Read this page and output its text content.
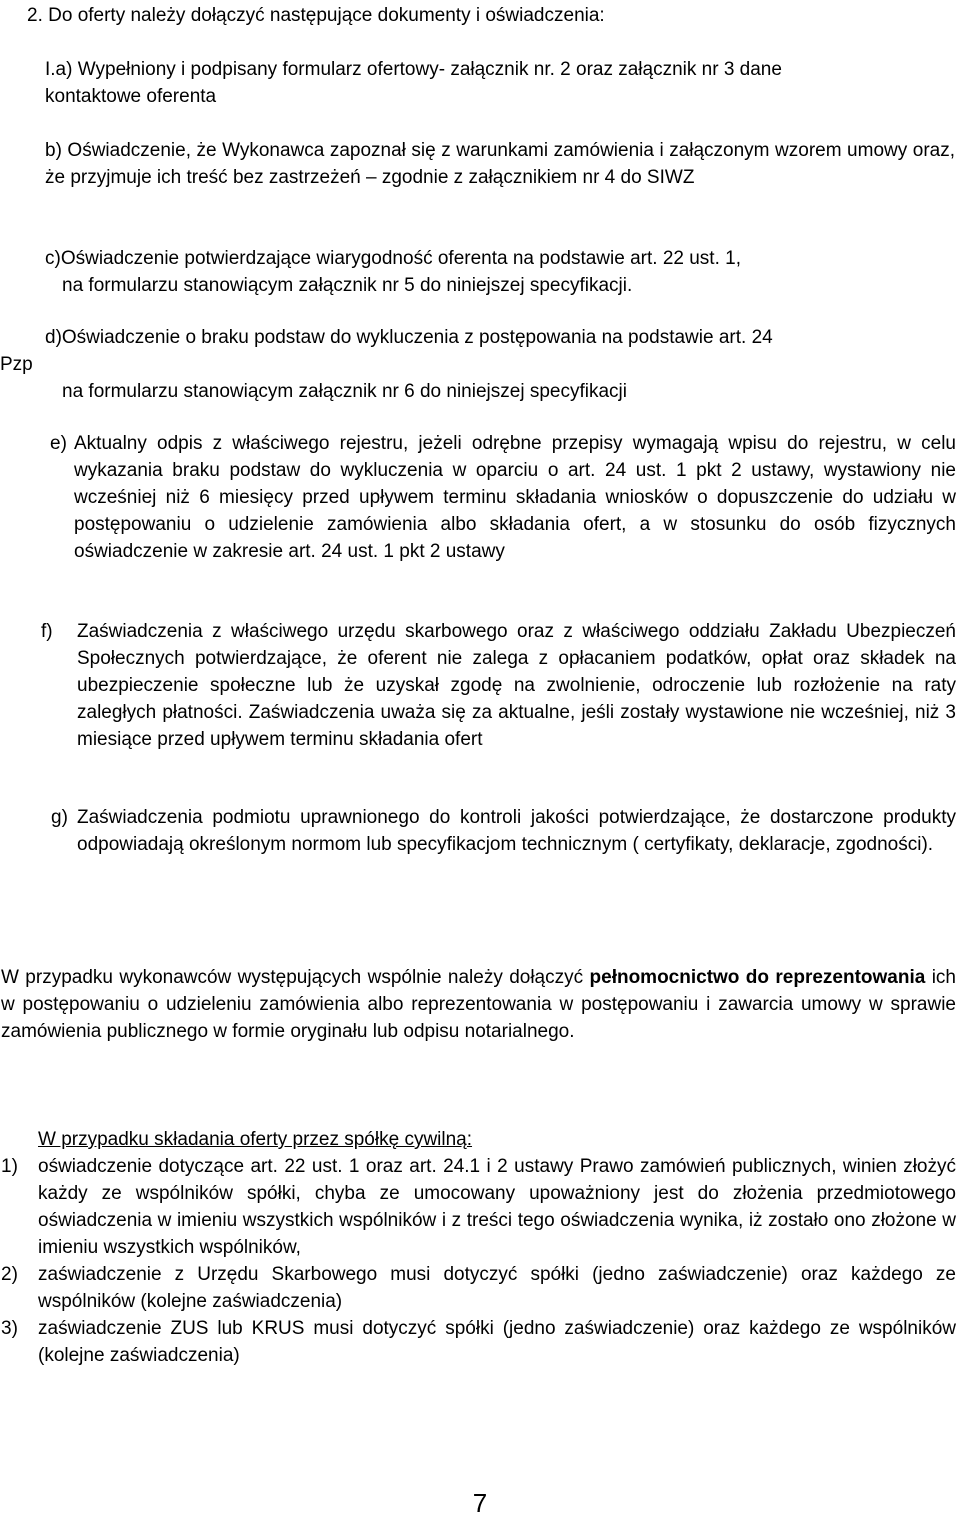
2. Do oferty należy dołączyć następujące dokumenty i oświadczenia:

I.a) Wypełniony i podpisany formularz ofertowy- załącznik nr. 2 oraz załącznik nr 3 dane
kontaktowe oferenta

b) Oświadczenie, że Wykonawca zapoznał się z warunkami zamówienia i załączonym wzorem umowy oraz, że przyjmuje ich treść bez zastrzeżeń – zgodnie z załącznikiem nr 4 do SIWZ

c)Oświadczenie potwierdzające wiarygodność oferenta na podstawie art. 22 ust. 1,
na formularzu stanowiącym załącznik nr 5 do niniejszej specyfikacji.

d)Oświadczenie o braku podstaw do wykluczenia z postępowania na podstawie art. 24
Pzp
na formularzu stanowiącym załącznik nr 6 do niniejszej specyfikacji
e) Aktualny odpis z właściwego rejestru, jeżeli odrębne przepisy wymagają wpisu do rejestru, w celu wykazania braku podstaw do wykluczenia w oparciu o art. 24 ust. 1 pkt 2 ustawy, wystawiony nie wcześniej niż 6 miesięcy przed upływem terminu składania wniosków o dopuszczenie do udziału w postępowaniu o udzielenie zamówienia albo składania ofert, a w stosunku do osób fizycznych oświadczenie w zakresie art. 24 ust. 1 pkt 2 ustawy
f)	Zaświadczenia z właściwego urzędu skarbowego oraz z właściwego oddziału Zakładu Ubezpieczeń Społecznych potwierdzające, że oferent nie zalega z opłacaniem podatków, opłat oraz składek na ubezpieczenie społeczne lub że uzyskał zgodę na zwolnienie, odroczenie lub rozłożenie na raty zaległych płatności. Zaświadczenia uważa się za aktualne, jeśli zostały wystawione nie wcześniej, niż 3 miesiące przed upływem terminu składania ofert
g) Zaświadczenia podmiotu uprawnionego do kontroli jakości potwierdzające, że dostarczone produkty odpowiadają określonym normom lub specyfikacjom technicznym ( certyfikaty, deklaracje, zgodności).

W przypadku wykonawców występujących wspólnie należy dołączyć pełnomocnictwo do reprezentowania ich w postępowaniu o udzieleniu zamówienia albo reprezentowania w postępowaniu i zawarcia umowy w sprawie zamówienia publicznego w formie oryginału lub odpisu notarialnego.

W przypadku składania oferty przez spółkę cywilną:

1)	oświadczenie dotyczące art. 22 ust. 1 oraz art. 24.1 i 2 ustawy Prawo zamówień publicznych, winien złożyć każdy ze wspólników spółki, chyba ze umocowany upoważniony jest do złożenia przedmiotowego oświadczenia w imieniu wszystkich wspólników i z treści tego oświadczenia wynika, iż zostało ono złożone w imieniu wszystkich wspólników,
2)	zaświadczenie z Urzędu Skarbowego musi dotyczyć spółki (jedno zaświadczenie) oraz każdego ze wspólników (kolejne zaświadczenia)
3)	zaświadczenie ZUS lub KRUS musi dotyczyć spółki (jedno zaświadczenie) oraz każdego ze wspólników (kolejne zaświadczenia)
7
